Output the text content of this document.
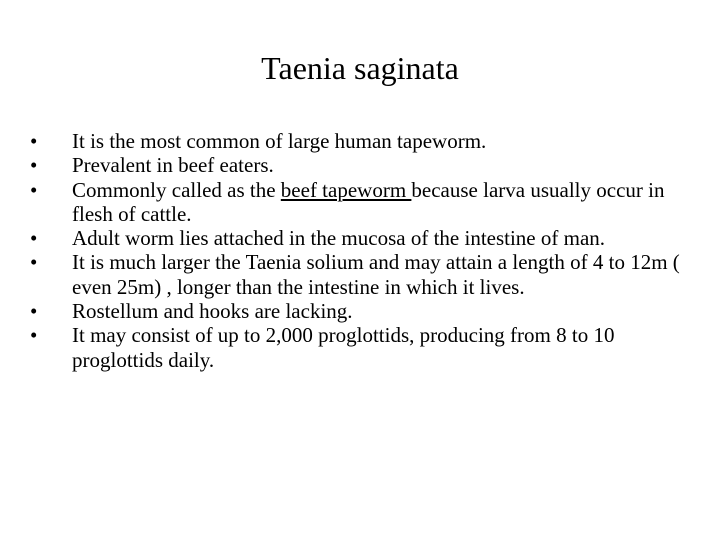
Taenia saginata
•	It is the most common of large human tapeworm.
•	Prevalent in beef eaters.
•	Commonly called as the beef tapeworm because larva usually occur in flesh of cattle.
•	Adult worm lies attached in the mucosa of the intestine of man.
•	It is much larger the Taenia solium and may attain a length of 4 to 12m ( even 25m) , longer than the intestine in which it lives.
•	Rostellum and hooks are lacking.
•	It may consist of up to 2,000 proglottids, producing from 8 to 10 proglottids daily.
